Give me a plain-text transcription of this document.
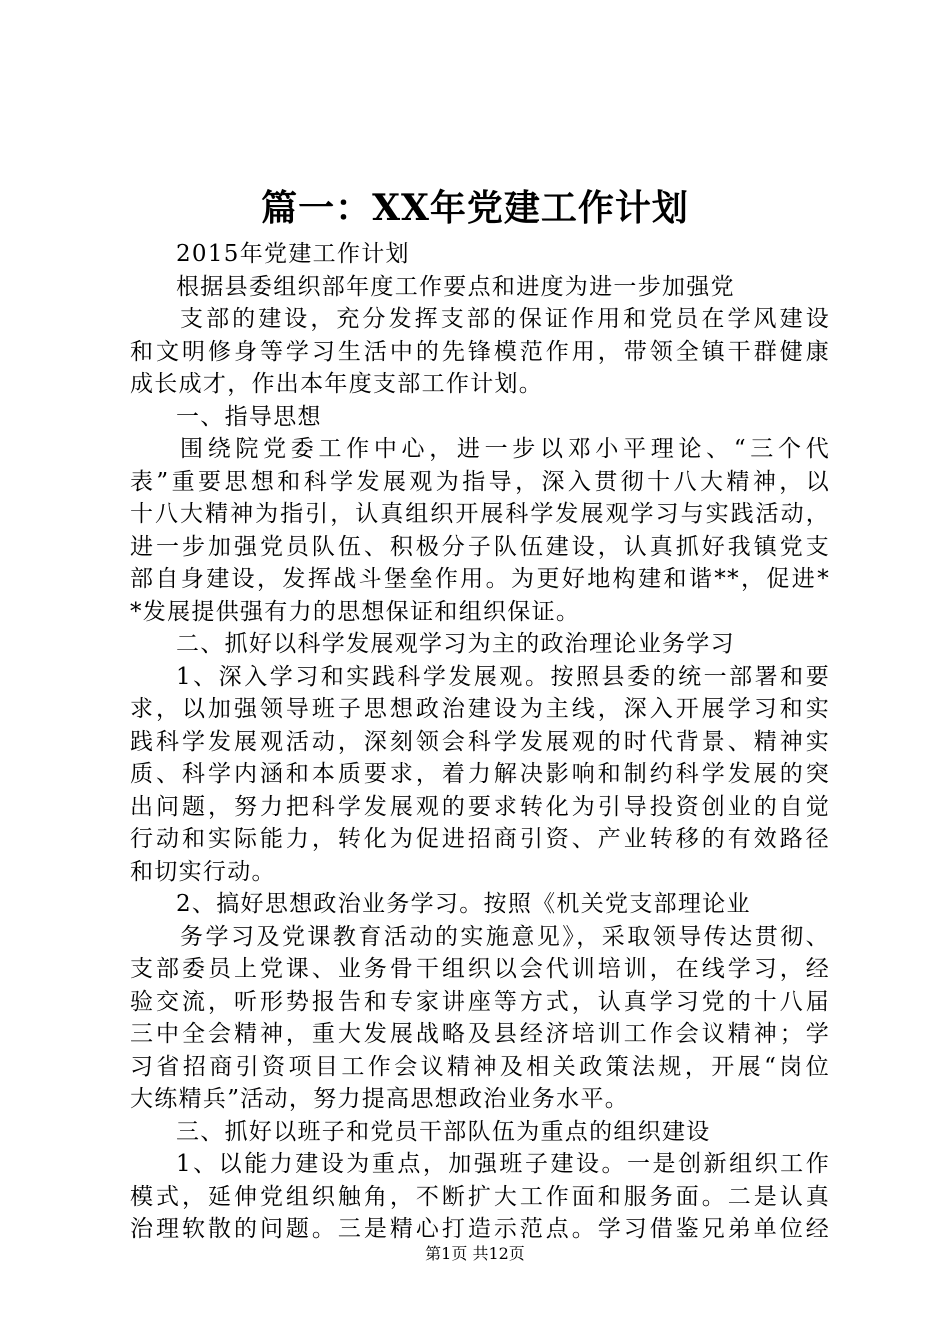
篇一：XX年党建工作计划
2015年党建工作计划
根据县委组织部年度工作要点和进度为进一步加强党
支部的建设，充分发挥支部的保证作用和党员在学风建设
和文明修身等学习生活中的先锋模范作用，带领全镇干群健康
成长成才，作出本年度支部工作计划。
一、指导思想
围绕院党委工作中心，进一步以邓小平理论、“三个代
表”重要思想和科学发展观为指导，深入贯彻十八大精神，以
十八大精神为指引，认真组织开展科学发展观学习与实践活动，
进一步加强党员队伍、积极分子队伍建设，认真抓好我镇党支
部自身建设，发挥战斗堡垒作用。为更好地构建和谐**，促进*
*发展提供强有力的思想保证和组织保证。
二、抓好以科学发展观学习为主的政治理论业务学习
1、深入学习和实践科学发展观。按照县委的统一部署和要
求，以加强领导班子思想政治建设为主线，深入开展学习和实
践科学发展观活动，深刻领会科学发展观的时代背景、精神实
质、科学内涵和本质要求，着力解决影响和制约科学发展的突
出问题，努力把科学发展观的要求转化为引导投资创业的自觉
行动和实际能力，转化为促进招商引资、产业转移的有效路径
和切实行动。
2、搞好思想政治业务学习。按照《机关党支部理论业
务学习及党课教育活动的实施意见》，采取领导传达贯彻、
支部委员上党课、业务骨干组织以会代训培训，在线学习，经
验交流，听形势报告和专家讲座等方式，认真学习党的十八届
三中全会精神，重大发展战略及县经济培训工作会议精神；学
习省招商引资项目工作会议精神及相关政策法规，开展“岗位
大练精兵”活动，努力提高思想政治业务水平。
三、抓好以班子和党员干部队伍为重点的组织建设
1、以能力建设为重点，加强班子建设。一是创新组织工作
模式，延伸党组织触角，不断扩大工作面和服务面。二是认真
治理软散的问题。三是精心打造示范点。学习借鉴兄弟单位经
第1页 共12页
